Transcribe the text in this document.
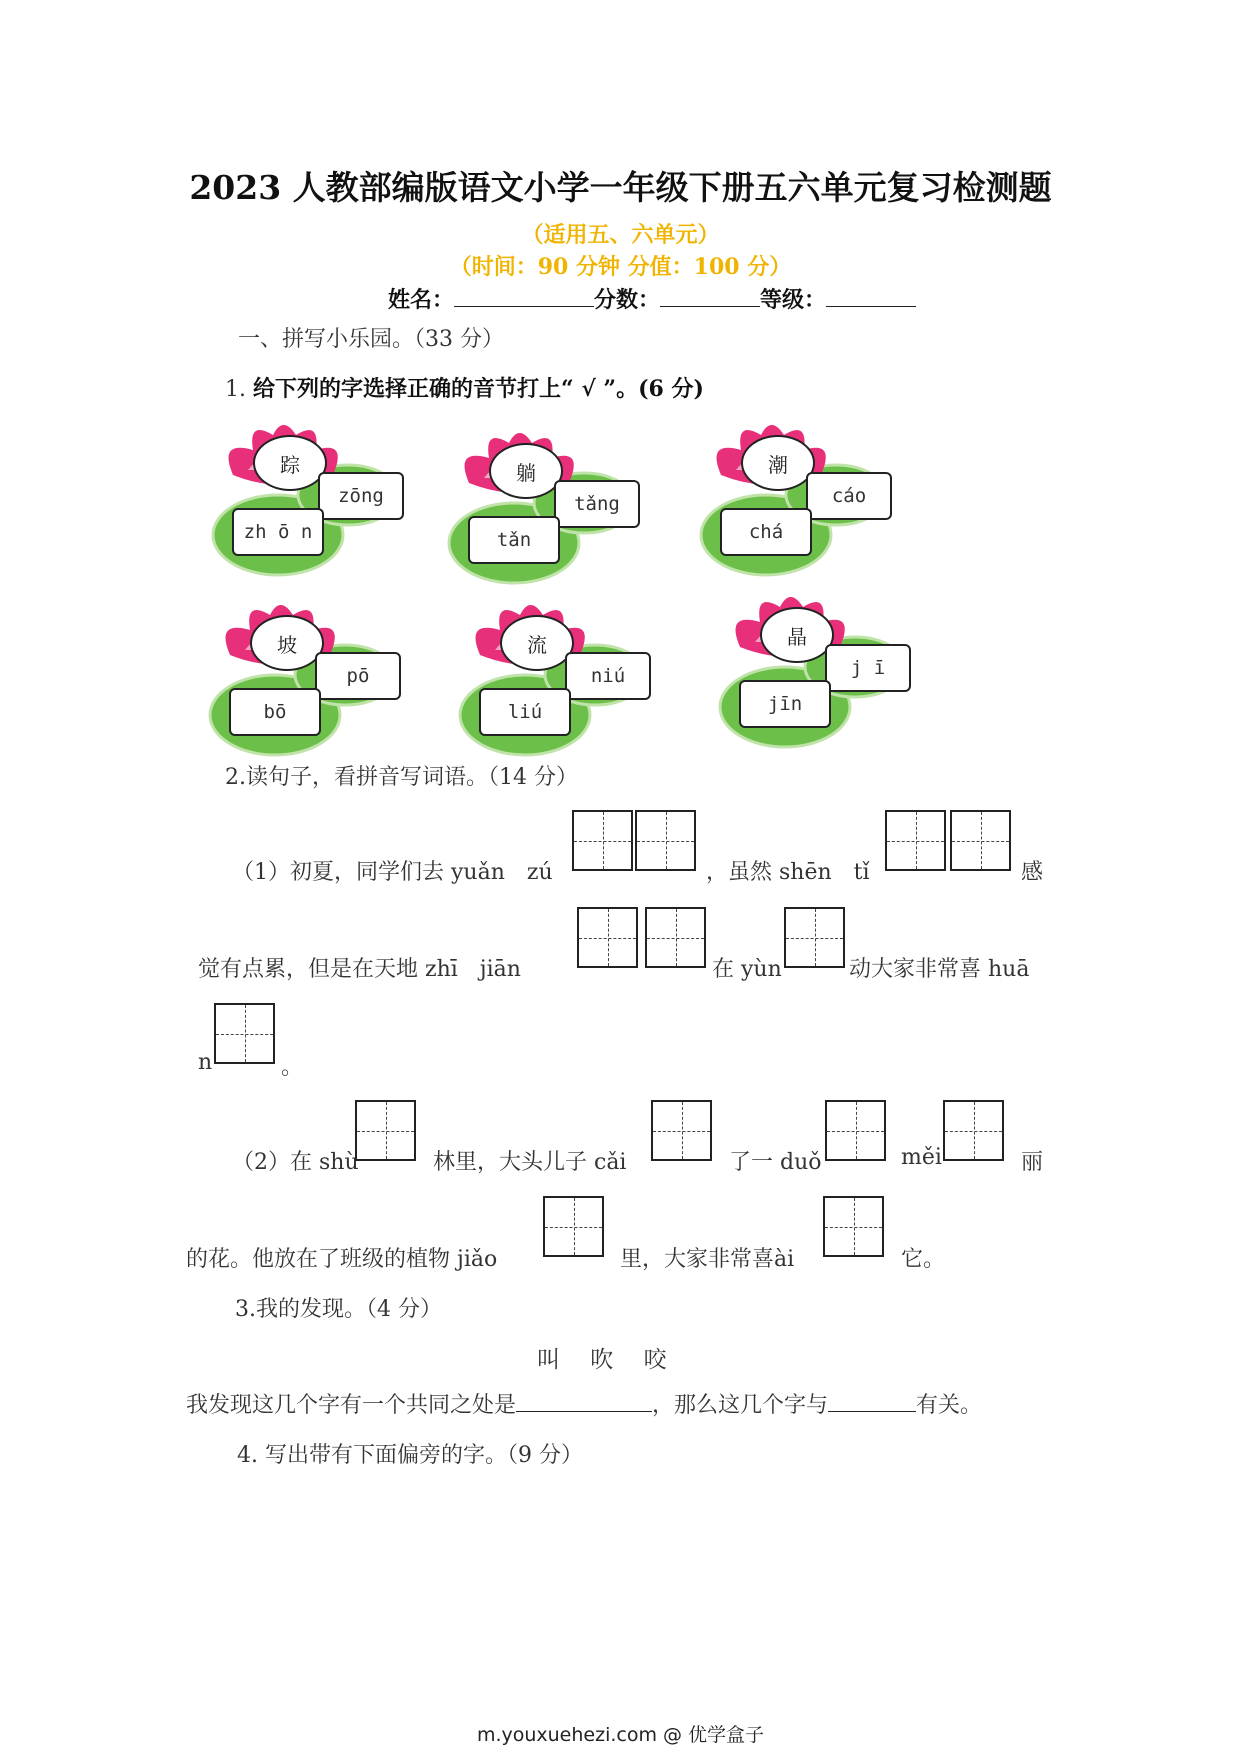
2023 人教部编版语文小学一年级下册五六单元复习检测题
（适用五、六单元）
（时间：90 分钟 分值：100 分）
姓名：	分数：	等级：
一、拼写小乐园。（33 分）
1. 给下列的字选择正确的音节打上“ √ ”。(6 分)
踪
zōng
zh ō n
躺
tǎng
tǎn
潮
cáo
chá
坡
pō
bō
流
niú
liú
晶
j ī
jīn
2.读句子，看拼音写词语。（14 分）
（1）初夏，同学们去 yuǎn　zú	，虽然 shēn　tǐ	感
觉有点累，但是在天地 zhī　jiān	在 yùn	动大家非常喜 huā
n	。
（2）在 shù	林里，大头儿子 cǎi	了一 duǒ	měi	丽
的花。他放在了班级的植物 jiǎo	里，大家非常喜ài	它。
3.我的发现。（4 分）
叫　 吹　 咬
我发现这几个字有一个共同之处是	，那么这几个字与	有关。
4. 写出带有下面偏旁的字。（9 分）
m.youxuehezi.com @ 优学盒子
